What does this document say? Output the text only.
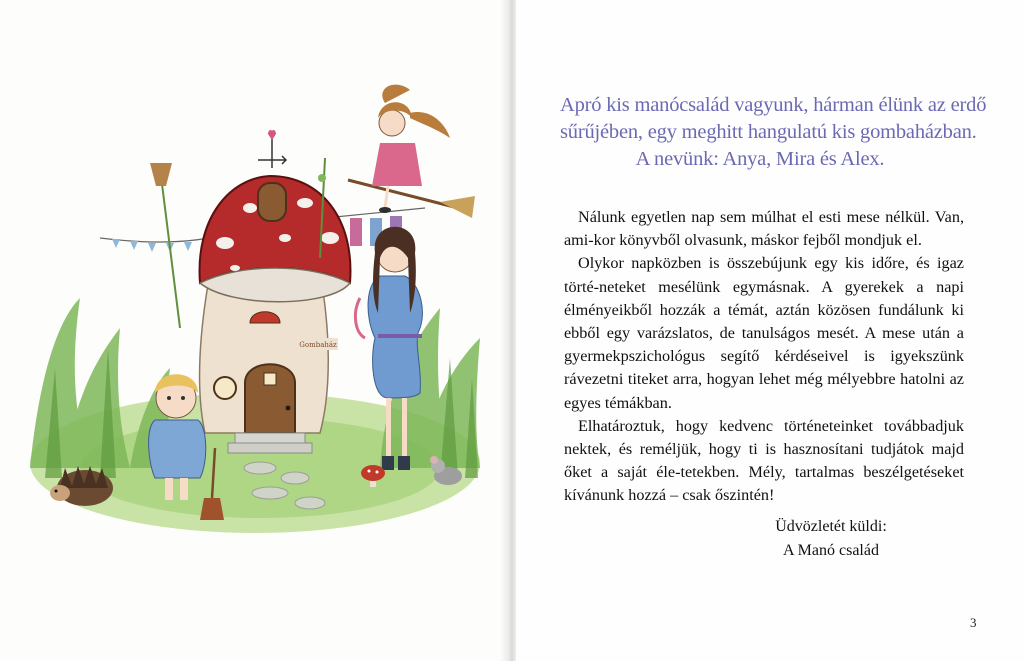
Gombaház
Apró kis manócsalád vagyunk, hárman élünk az erdő
sűrűjében, egy meghitt hangulatú kis gombaházban.
A nevünk: Anya, Mira és Alex.

Nálunk egyetlen nap sem múlhat el esti mese nélkül. Van, ami-kor könyvből olvasunk, máskor fejből mondjuk el.

Olykor napközben is összebújunk egy kis időre, és igaz törté-neteket mesélünk egymásnak. A gyerekek a napi élményeikből hozzák a témát, aztán közösen fundálunk ki ebből egy varázslatos, de tanulságos mesét. A mese után a gyermekpszichológus segítő kérdéseivel is igyekszünk rávezetni titeket arra, hogyan lehet még mélyebbre hatolni az egyes témákban.

Elhatároztuk, hogy kedvenc történeteinket továbbadjuk nektek, és reméljük, hogy ti is hasznosítani tudjátok majd őket a saját éle-tetekben. Mély, tartalmas beszélgetéseket kívánunk hozzá – csak őszintén!

Üdvözletét küldi:
A Manó család
3
